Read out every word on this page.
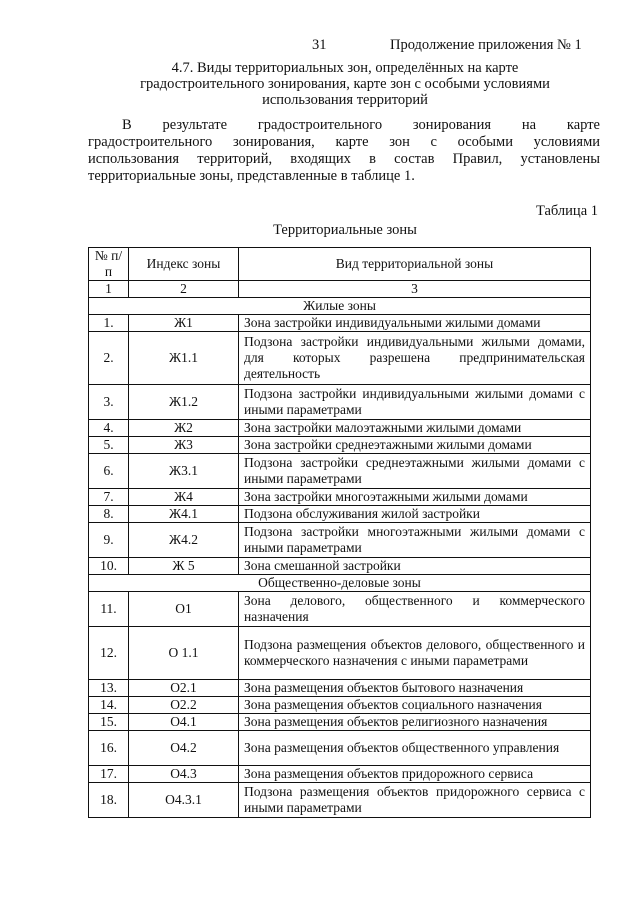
31	Продолжение приложения № 1
4.7. Виды территориальных зон, определённых на карте
градостроительного зонирования, карте зон с особыми условиями
использования территорий
В результате градостроительного зонирования на карте
градостроительного зонирования, карте зон с особыми условиями
использования территорий, входящих в состав Правил, установлены
территориальные зоны, представленные в таблице 1.
Таблица 1
Территориальные зоны
№ п/п	Индекс зоны	Вид территориальной зоны
1	2	3
Жилые зоны		
1.	Ж1	Зона застройки индивидуальными жилыми домами
2.	Ж1.1	Подзона застройки индивидуальными жилыми домами, для которых разрешена предпринимательская деятельность
3.	Ж1.2	Подзона застройки индивидуальными жилыми домами с иными параметрами
4.	Ж2	Зона застройки малоэтажными жилыми домами
5.	Ж3	Зона застройки среднеэтажными жилыми домами
6.	Ж3.1	Подзона застройки среднеэтажными жилыми домами с иными параметрами
7.	Ж4	Зона застройки многоэтажными жилыми домами
8.	Ж4.1	Подзона обслуживания жилой застройки
9.	Ж4.2	Подзона застройки многоэтажными жилыми домами с иными параметрами
10.	Ж 5	Зона смешанной застройки
Общественно-деловые зоны		
11.	О1	Зона делового, общественного и коммерческого назначения
12.	О 1.1	Подзона размещения объектов делового, общественного и коммерческого назначения с иными параметрами
13.	О2.1	Зона размещения объектов бытового назначения
14.	О2.2	Зона размещения объектов социального назначения
15.	О4.1	Зона размещения объектов религиозного назначения
16.	О4.2	Зона размещения объектов общественного управления
17.	О4.3	Зона размещения объектов придорожного сервиса
18.	О4.3.1	Подзона размещения объектов придорожного сервиса с иными параметрами
